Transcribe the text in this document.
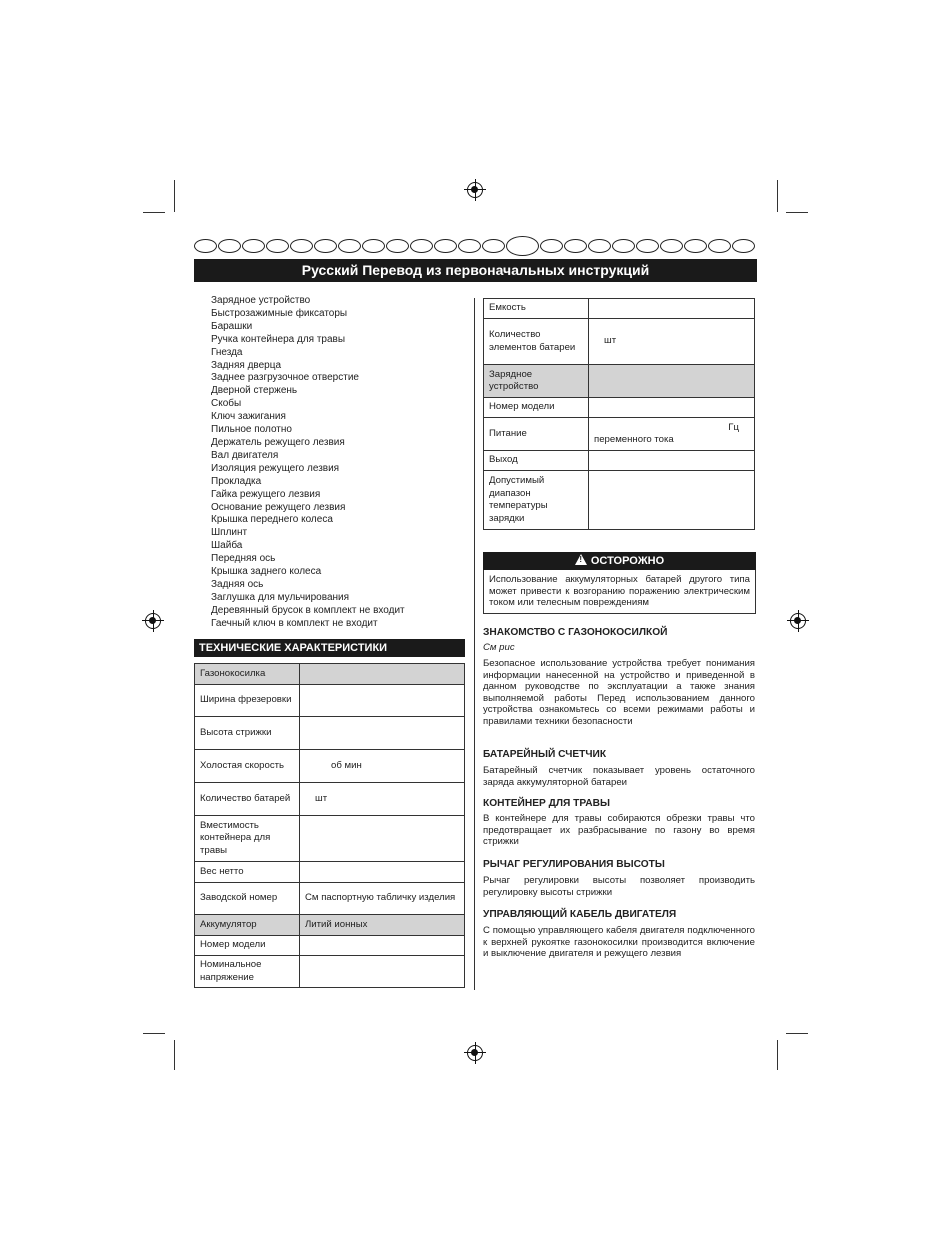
Русский Перевод из первоначальных инструкций
Зарядное устройство
Быстрозажимные фиксаторы
Барашки
Ручка контейнера для травы
Гнезда
Задняя дверца
Заднее разгрузочное отверстие
Дверной стержень
Скобы
Ключ зажигания
Пильное полотно
Держатель режущего лезвия
Вал двигателя
Изоляция режущего лезвия
Прокладка
Гайка режущего лезвия
Основание режущего лезвия
Крышка переднего колеса
Шплинт
Шайба
Передняя ось
Крышка заднего колеса
Задняя ось
Заглушка для мульчирования
Деревянный брусок в комплект не входит
Гаечный ключ в комплект не входит
ТЕХНИЧЕСКИЕ ХАРАКТЕРИСТИКИ
Газонокосилка	

Ширина фрезеровки	

Высота стрижки	

Холостая скорость	об мин

Количество батарей	шт

Вместимость контейнера для травы	

Вес нетто	

Заводской номер	См паспортную табличку изделия

Аккумулятор	Литий ионных

Номер модели	

Номинальное напряжение	
Емкость	

Количество элементов батареи	шт

Зарядное устройство	

Номер модели	

Питание	Гц
переменного тока

Выход	

Допустимый диапазон температуры зарядки	
! ОСТОРОЖНО
Использование аккумуляторных батарей другого типа может привести к возгоранию поражению электрическим током или телесным повреждениям
ЗНАКОМСТВО С ГАЗОНОКОСИЛКОЙ
См рис
Безопасное использование устройства требует понимания информации нанесенной на устройство и приведенной в данном руководстве по эксплуатации а также знания выполняемой работы Перед использованием данного устройства ознакомьтесь со всеми режимами работы и правилами техники безопасности
БАТАРЕЙНЫЙ СЧЕТЧИК
Батарейный счетчик показывает уровень остаточного заряда аккумуляторной батареи
КОНТЕЙНЕР ДЛЯ ТРАВЫ
В контейнере для травы собираются обрезки травы что предотвращает их разбрасывание по газону во время стрижки
РЫЧАГ РЕГУЛИРОВАНИЯ ВЫСОТЫ
Рычаг регулировки высоты позволяет производить регулировку высоты стрижки
УПРАВЛЯЮЩИЙ КАБЕЛЬ ДВИГАТЕЛЯ
С помощью управляющего кабеля двигателя подключенного к верхней рукоятке газонокосилки производится включение и выключение двигателя и режущего лезвия
